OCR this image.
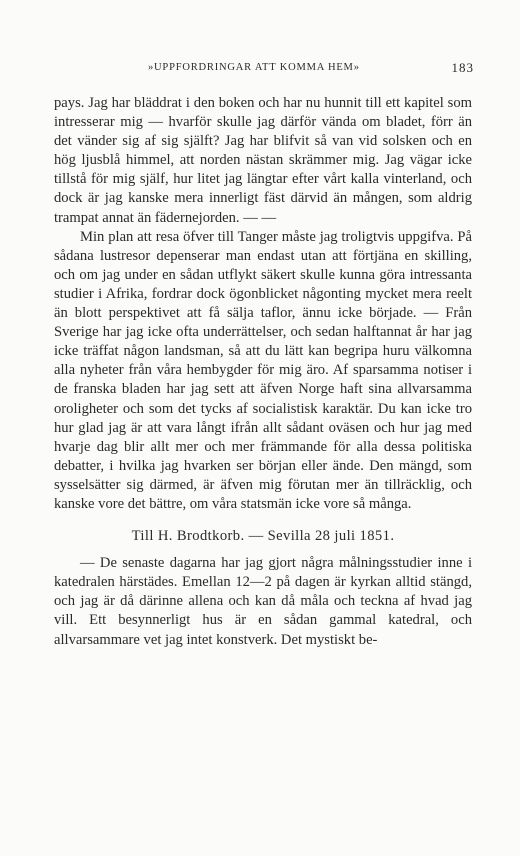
»UPPFORDRINGAR ATT KOMMA HEM»	183

pays. Jag har bläddrat i den boken och har nu hunnit till ett kapitel som intresserar mig — hvarför skulle jag därför vända om bladet, förr än det vänder sig af sig själft? Jag har blifvit så van vid solsken och en hög ljusblå himmel, att norden nästan skrämmer mig. Jag vägar icke tillstå för mig själf, hur litet jag längtar efter vårt kalla vinterland, och dock är jag kanske mera innerligt fäst därvid än mången, som aldrig trampat annat än fädernejorden. — —

Min plan att resa öfver till Tanger måste jag troligtvis uppgifva. På sådana lustresor depenserar man endast utan att förtjäna en skilling, och om jag under en sådan utflykt säkert skulle kunna göra intressanta studier i Afrika, fordrar dock ögonblicket någonting mycket mera reelt än blott perspektivet att få sälja taflor, ännu icke började. — Från Sverige har jag icke ofta underrättelser, och sedan halftannat år har jag icke träffat någon landsman, så att du lätt kan begripa huru välkomna alla nyheter från våra hembygder för mig äro. Af sparsamma notiser i de franska bladen har jag sett att äfven Norge haft sina allvarsamma oroligheter och som det tycks af socialistisk karaktär. Du kan icke tro hur glad jag är att vara långt ifrån allt sådant oväsen och hur jag med hvarje dag blir allt mer och mer främmande för alla dessa politiska debatter, i hvilka jag hvarken ser början eller ände. Den mängd, som sysselsätter sig därmed, är äfven mig förutan mer än tillräcklig, och kanske vore det bättre, om våra statsmän icke vore så många.

Till H. Brodtkorb. — Sevilla 28 juli 1851.

— De senaste dagarna har jag gjort några målningsstudier inne i katedralen härstädes. Emellan 12—2 på dagen är kyrkan alltid stängd, och jag är då därinne allena och kan då måla och teckna af hvad jag vill. Ett besynnerligt hus är en sådan gammal katedral, och allvarsammare vet jag intet konstverk. Det mystiskt be-
